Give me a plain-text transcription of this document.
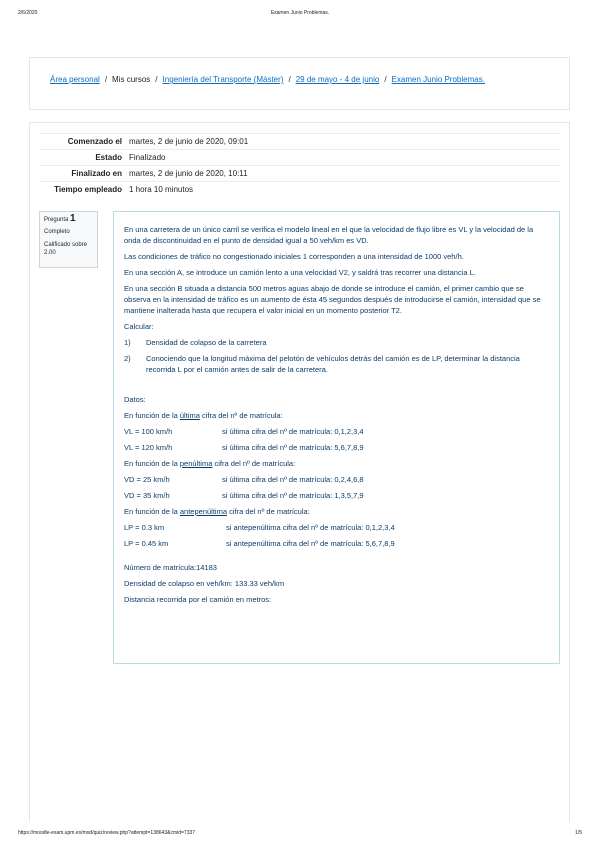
2/6/2020	Examen Junio Problemas.
Área personal / Mis cursos / Ingeniería del Transporte (Máster) / 29 de mayo - 4 de junio / Examen Junio Problemas.
Comenzado el	martes, 2 de junio de 2020, 09:01
Estado	Finalizado
Finalizado en	martes, 2 de junio de 2020, 10:11
Tiempo empleado	1 hora 10 minutos
Pregunta 1
Completo
Calificado sobre 2.00

En una carretera de un único carril se verifica el modelo lineal en el que la velocidad de flujo libre es VL y la velocidad de la onda de discontinuidad en el punto de densidad igual a 50 veh/km es VD.

Las condiciones de tráfico no congestionado iniciales 1 corresponden a una intensidad de 1000 veh/h.

En una sección A, se introduce un camión lento a una velocidad V2, y saldrá tras recorrer una distancia L.

En una sección B situada a distancia 500 metros aguas abajo de donde se introduce el camión, el primer cambio que se observa en la intensidad de tráfico es un aumento de ésta 45 segundos después de introducirse el camión, intensidad que se mantiene inalterada hasta que recupera el valor inicial en un momento posterior T2.

Calcular:

1)	Densidad de colapso de la carretera

2)	Conociendo que la longitud máxima del pelotón de vehículos detrás del camión es de LP, determinar la distancia recorrida L por el camión antes de salir de la carretera.

Datos:

En función de la última cifra del nº de matrícula:

VL = 100 km/h	si última cifra del nº de matrícula: 0,1,2,3,4

VL = 120 km/h	si última cifra del nº de matrícula: 5,6,7,8,9

En función de la penúltima cifra del nº de matrícula:

VD = 25 km/h	si última cifra del nº de matrícula: 0,2,4,6,8

VD = 35 km/h	si última cifra del nº de matrícula: 1,3,5,7,9

En función de la antepenúltima cifra del nº de matrícula:

LP = 0.3 km	si antepenúltima cifra del nº de matrícula: 0,1,2,3,4

LP = 0.45 km	si antepenúltima cifra del nº de matrícula: 5,6,7,8,9

Número de matrícula:14183

Densidad de colapso en veh/km: 133.33 veh/km

Distancia recorrida por el camión en metros:

https://moodle-exam.upm.es/mod/quiz/review.php?attempt=138643&cmid=7337	1/5
